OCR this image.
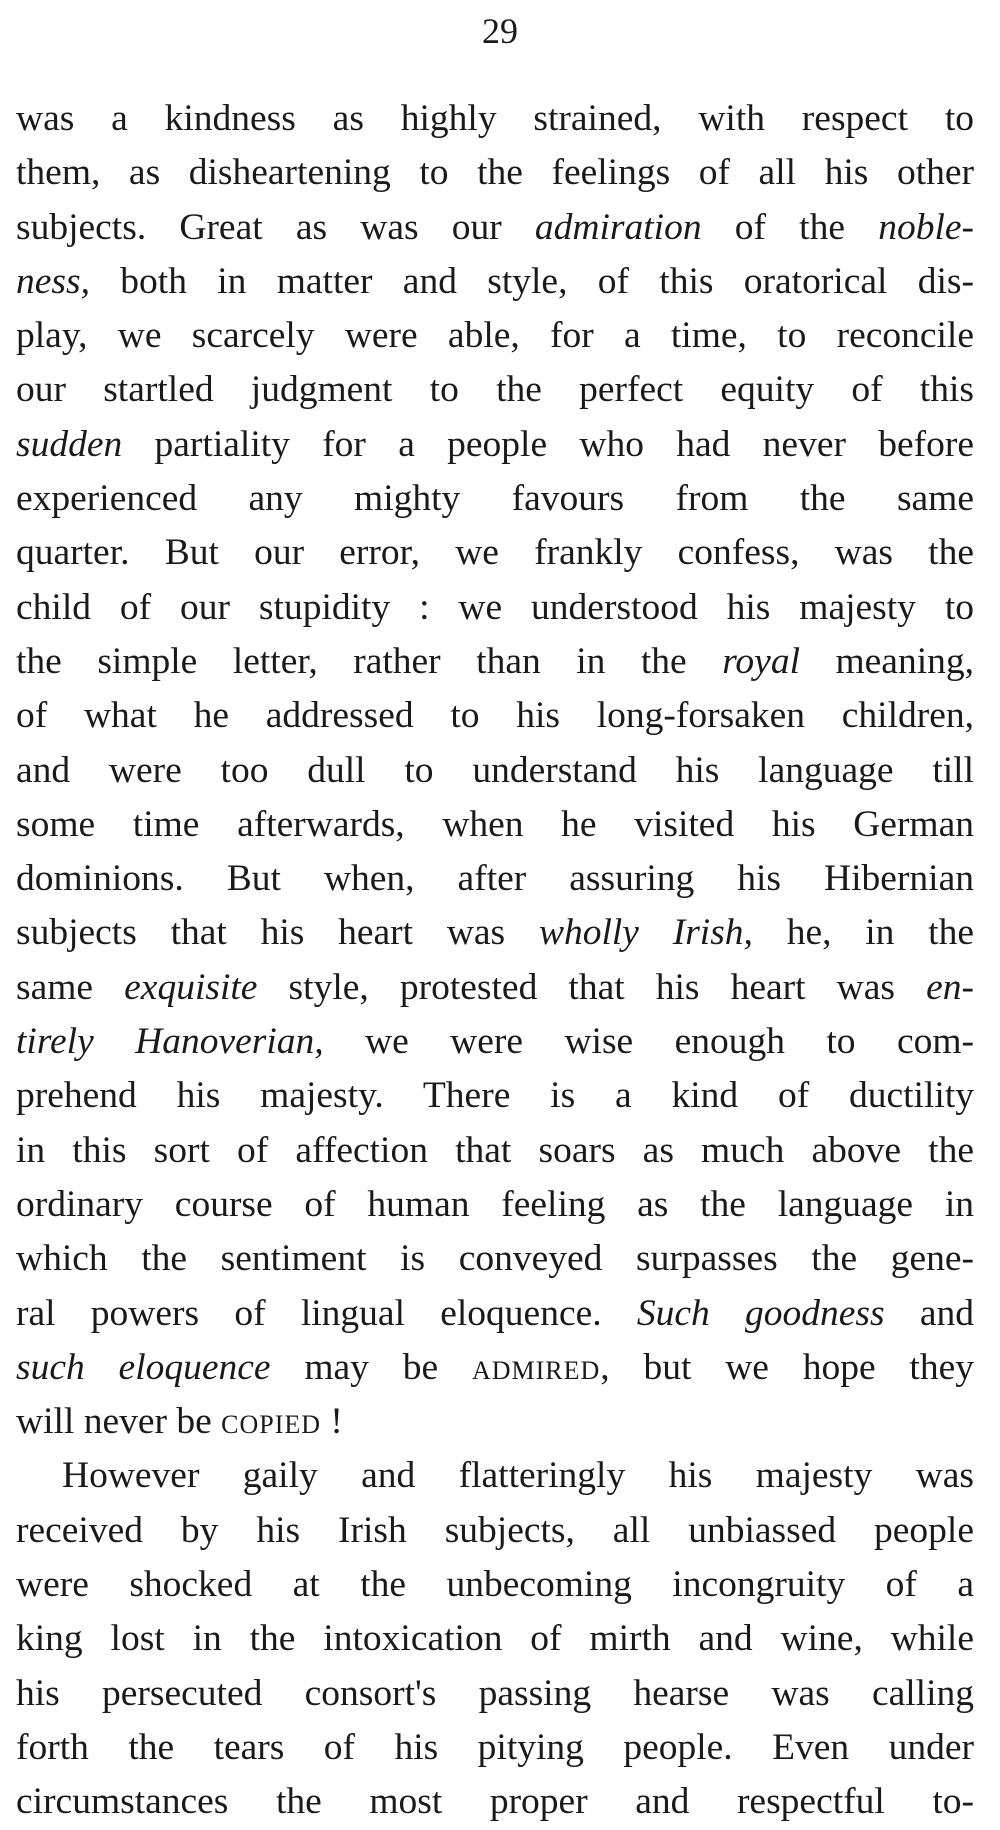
29
was a kindness as highly strained, with respect to
them, as disheartening to the feelings of all his other
subjects. Great as was our admiration of the noble-
ness, both in matter and style, of this oratorical dis-
play, we scarcely were able, for a time, to reconcile
our startled judgment to the perfect equity of this
sudden partiality for a people who had never before
experienced any mighty favours from the same
quarter. But our error, we frankly confess, was the
child of our stupidity : we understood his majesty to
the simple letter, rather than in the royal meaning,
of what he addressed to his long-forsaken children,
and were too dull to understand his language till
some time afterwards, when he visited his German
dominions. But when, after assuring his Hibernian
subjects that his heart was wholly Irish, he, in the
same exquisite style, protested that his heart was en-
tirely Hanoverian, we were wise enough to com-
prehend his majesty. There is a kind of ductility
in this sort of affection that soars as much above the
ordinary course of human feeling as the language in
which the sentiment is conveyed surpasses the gene-
ral powers of lingual eloquence. Such goodness and
such eloquence may be admired, but we hope they
will never be copied !
However gaily and flatteringly his majesty was
received by his Irish subjects, all unbiassed people
were shocked at the unbecoming incongruity of a
king lost in the intoxication of mirth and wine, while
his persecuted consort's passing hearse was calling
forth the tears of his pitying people. Even under
circumstances the most proper and respectful to-
